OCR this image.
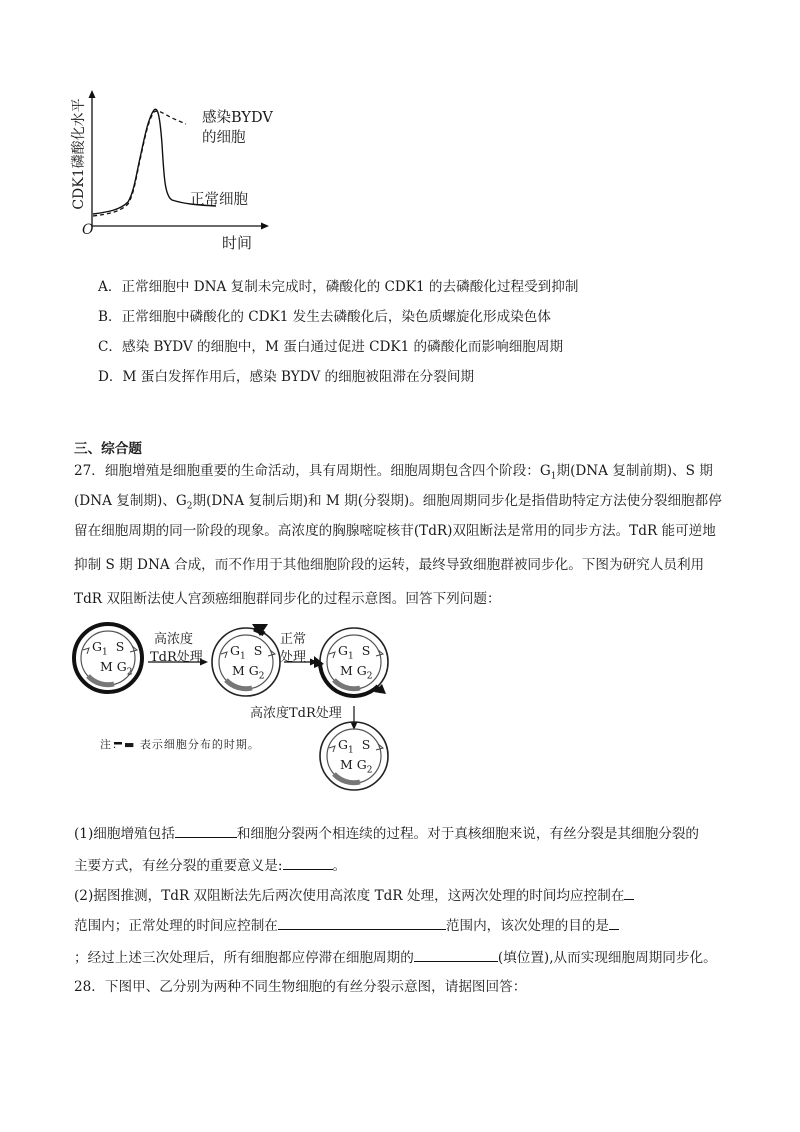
CDK1磷酸化水平
O
时间
感染BYDV
的细胞
正常细胞
A．正常细胞中 DNA 复制未完成时，磷酸化的 CDK1 的去磷酸化过程受到抑制
B．正常细胞中磷酸化的 CDK1 发生去磷酸化后，染色质螺旋化形成染色体
C．感染 BYDV 的细胞中，M 蛋白通过促进 CDK1 的磷酸化而影响细胞周期
D．M 蛋白发挥作用后，感染 BYDV 的细胞被阻滞在分裂间期
三、综合题
27．细胞增殖是细胞重要的生命活动，具有周期性。细胞周期包含四个阶段：$G_1$期(DNA 复制前期)、S 期
(DNA 复制期)、$G_2$期(DNA 复制后期)和 M 期(分裂期)。细胞周期同步化是指借助特定方法使分裂细胞都停
留在细胞周期的同一阶段的现象。高浓度的胸腺嘧啶核苷(TdR)双阻断法是常用的同步方法。TdR 能可逆地
抑制 S 期 DNA 合成，而不作用于其他细胞阶段的运转，最终导致细胞群被同步化。下图为研究人员利用
TdR 双阻断法使人宫颈癌细胞群同步化的过程示意图。回答下列问题：
$G_1$ S
M $G_2$
$G_1$ S
M $G_2$
$G_1$ S
M $G_2$
$G_1$ S
M $G_2$
高浓度
TdR处理
正常
处理
高浓度TdR处理
注：▬ 表示细胞分布的时期。
(1)细胞增殖包括	和细胞分裂两个相连续的过程。对于真核细胞来说，有丝分裂是其细胞分裂的
主要方式，有丝分裂的重要意义是:	。
(2)据图推测，TdR 双阻断法先后两次使用高浓度 TdR 处理，这两次处理的时间均应控制在
范围内；正常处理的时间应控制在	范围内，该次处理的目的是
；经过上述三次处理后，所有细胞都应停滞在细胞周期的	(填位置),从而实现细胞周期同步化。
28．下图甲、乙分别为两种不同生物细胞的有丝分裂示意图，请据图回答：
